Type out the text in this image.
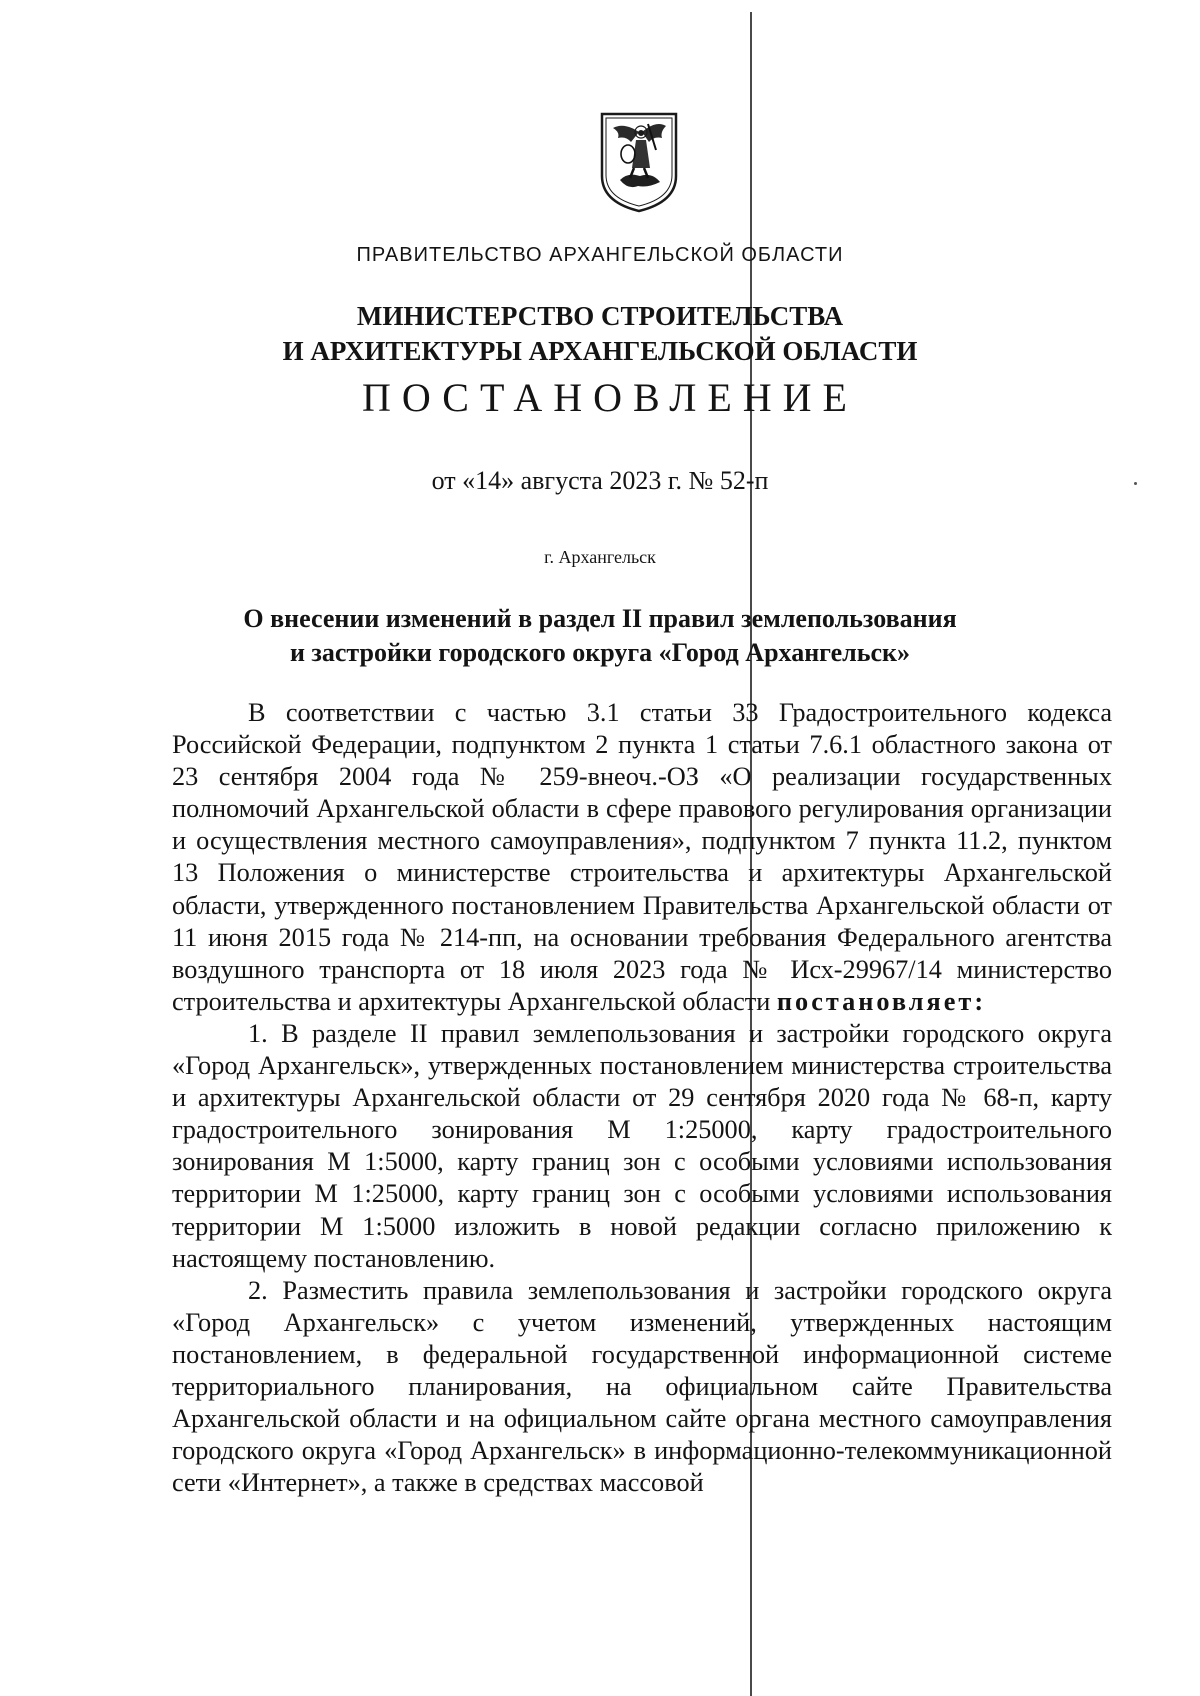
ПРАВИТЕЛЬСТВО АРХАНГЕЛЬСКОЙ ОБЛАСТИ
МИНИСТЕРСТВО СТРОИТЕЛЬСТВА
И АРХИТЕКТУРЫ АРХАНГЕЛЬСКОЙ ОБЛАСТИ
ПОСТАНОВЛЕНИЕ
от «14» августа 2023 г. № 52-п
г. Архангельск
О внесении изменений в раздел II правил землепользования
и застройки городского округа «Город Архангельск»

В соответствии с частью 3.1 статьи 33 Градостроительного кодекса Российской Федерации, подпунктом 2 пункта 1 статьи 7.6.1 областного закона от 23 сентября 2004 года № 259-внеоч.-ОЗ «О реализации государственных полномочий Архангельской области в сфере правового регулирования организации и осуществления местного самоуправления», подпунктом 7 пункта 11.2, пунктом 13 Положения о министерстве строительства и архитектуры Архангельской области, утвержденного постановлением Правительства Архангельской области от 11 июня 2015 года № 214-пп, на основании требования Федерального агентства воздушного транспорта от 18 июля 2023 года № Исх-29967/14 министерство строительства и архитектуры Архангельской области постановляет:

1. В разделе II правил землепользования и застройки городского округа «Город Архангельск», утвержденных постановлением министерства строительства и архитектуры Архангельской области от 29 сентября 2020 года № 68-п, карту градостроительного зонирования М 1:25000, карту градостроительного зонирования М 1:5000, карту границ зон с особыми условиями использования территории М 1:25000, карту границ зон с особыми условиями использования территории М 1:5000 изложить в новой редакции согласно приложению к настоящему постановлению.

2. Разместить правила землепользования и застройки городского округа «Город Архангельск» с учетом изменений, утвержденных настоящим постановлением, в федеральной государственной информационной системе территориального планирования, на официальном сайте Правительства Архангельской области и на официальном сайте органа местного самоуправления городского округа «Город Архангельск» в информационно-телекоммуникационной сети «Интернет», а также в средствах массовой
